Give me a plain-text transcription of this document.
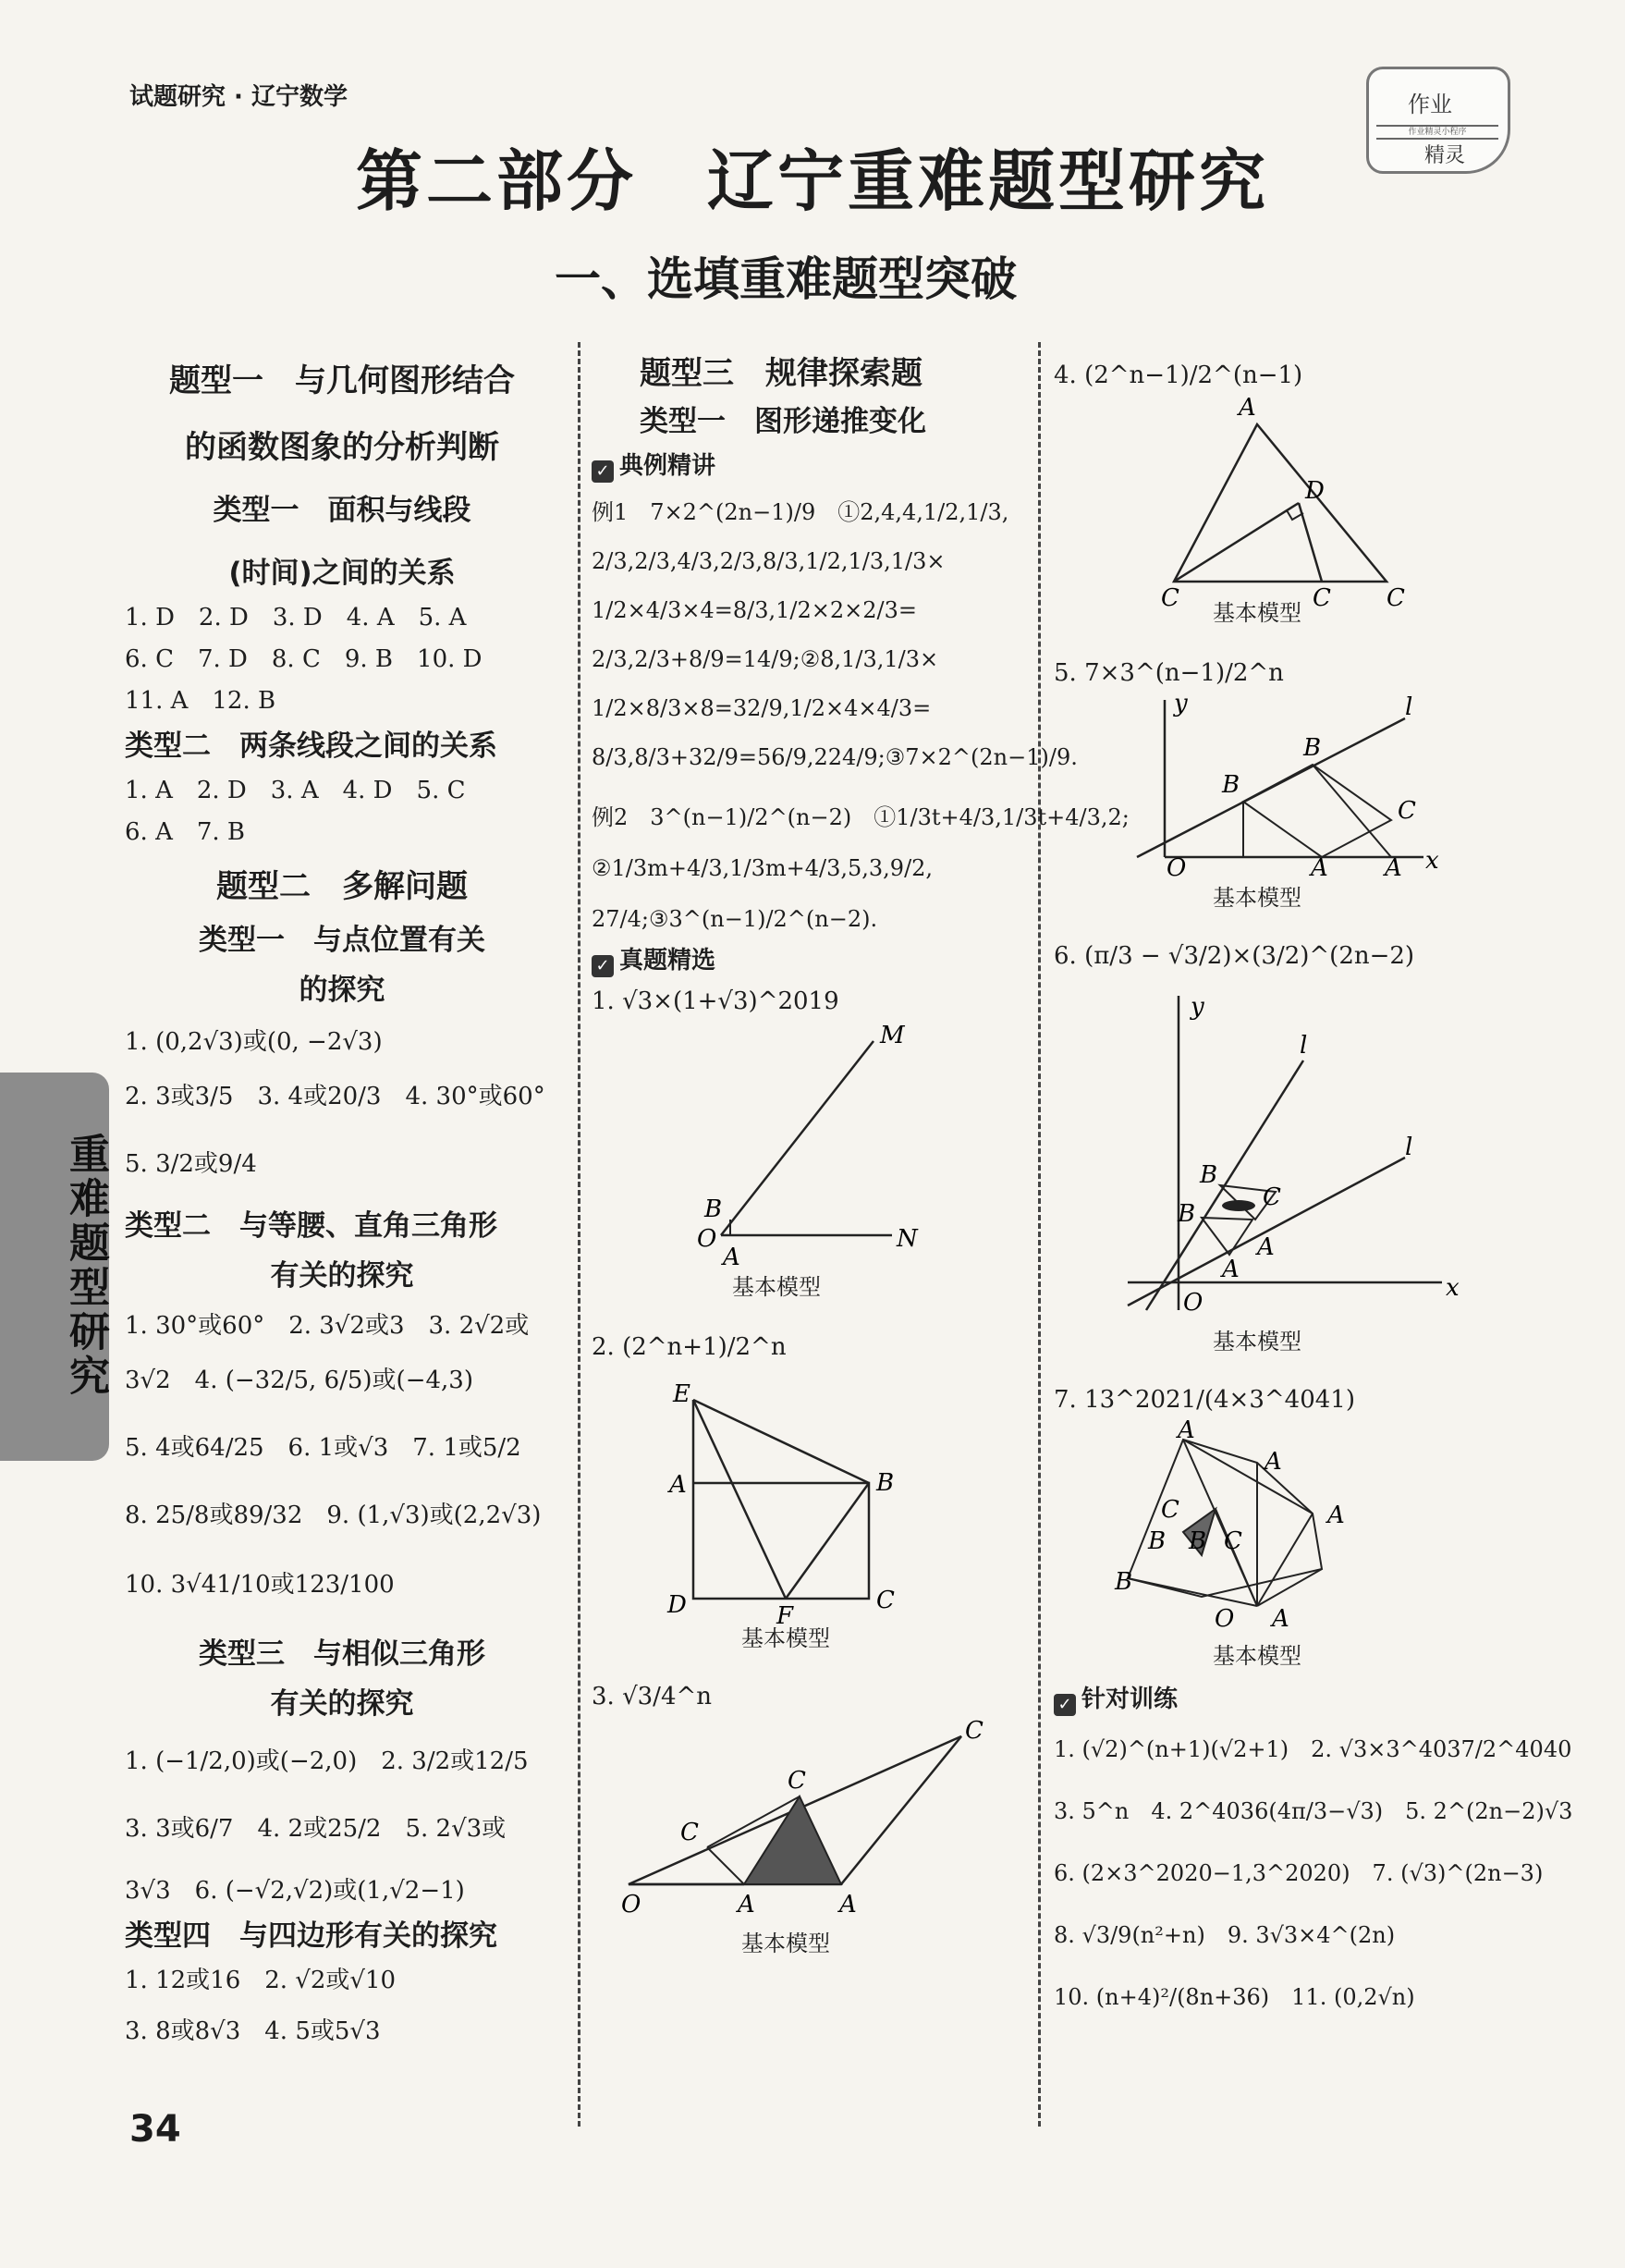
试题研究 · 辽宁数学	作业
作业精灵小程序
精灵
第二部分　辽宁重难题型研究
一、选填重难题型突破
重难题型研究
题型一　与几何图形结合
的函数图象的分析判断
类型一　面积与线段
(时间)之间的关系
1. D　2. D　3. D　4. A　5. A
6. C　7. D　8. C　9. B　10. D
11. A　12. B
类型二　两条线段之间的关系
1. A　2. D　3. A　4. D　5. C
6. A　7. B
题型二　多解问题
类型一　与点位置有关
的探究
1. (0,2√3)或(0, −2√3)
2. 3或3/5　3. 4或20/3　4. 30°或60°
5. 3/2或9/4
类型二　与等腰、直角三角形
有关的探究
1. 30°或60°　2. 3√2或3　3. 2√2或
3√2　4. (−32/5, 6/5)或(−4,3)
5. 4或64/25　6. 1或√3　7. 1或5/2
8. 25/8或89/32　9. (1,√3)或(2,2√3)
10. 3√41/10或123/100
类型三　与相似三角形
有关的探究
1. (−1/2,0)或(−2,0)　2. 3/2或12/5
3. 3或6/7　4. 2或25/2　5. 2√3或
3√3　6. (−√2,√2)或(1,√2−1)
类型四　与四边形有关的探究
1. 12或16　2. √2或√10
3. 8或8√3　4. 5或5√3
题型三　规律探索题
类型一　图形递推变化
✓ 典例精讲
例1　7×2^(2n−1)/9　①2,4,4,1/2,1/3,
2/3,2/3,4/3,2/3,8/3,1/2,1/3,1/3×
1/2×4/3×4=8/3,1/2×2×2/3=
2/3,2/3+8/9=14/9;②8,1/3,1/3×
1/2×8/3×8=32/9,1/2×4×4/3=
8/3,8/3+32/9=56/9,224/9;③7×2^(2n−1)/9.
例2　3^(n−1)/2^(n−2)　①1/3t+4/3,1/3t+4/3,2;
②1/3m+4/3,1/3m+4/3,5,3,9/2,
27/4;③3^(n−1)/2^(n−2).
✓ 真题精选
1. √3×(1+√3)^2019
M
B
O
A
N
基本模型
2. (2^n+1)/2^n
E
A	B
D	F
C
基本模型
3. √3/4^n
C
C
C
O	A	A
基本模型
4. (2^n−1)/2^(n−1)
A
D
C	C C
基本模型
5. 7×3^(n−1)/2^n
y
B
B
l
C
O	A A x
基本模型
6. (π/3 − √3/2)×(3/2)^(2n−2)
y
l
B
C
l
B
A
A
O
x
基本模型
7. 13^2021/(4×3^4041)
A
A
C
B B C
A
B
O A
基本模型
✓ 针对训练
1. (√2)^(n+1)(√2+1)　2. √3×3^4037/2^4040
3. 5^n　4. 2^4036(4π/3−√3)　5. 2^(2n−2)√3
6. (2×3^2020−1,3^2020)　7. (√3)^(2n−3)
8. √3/9(n²+n)　9. 3√3×4^(2n)
10. (n+4)²/(8n+36)　11. (0,2√n)
34
